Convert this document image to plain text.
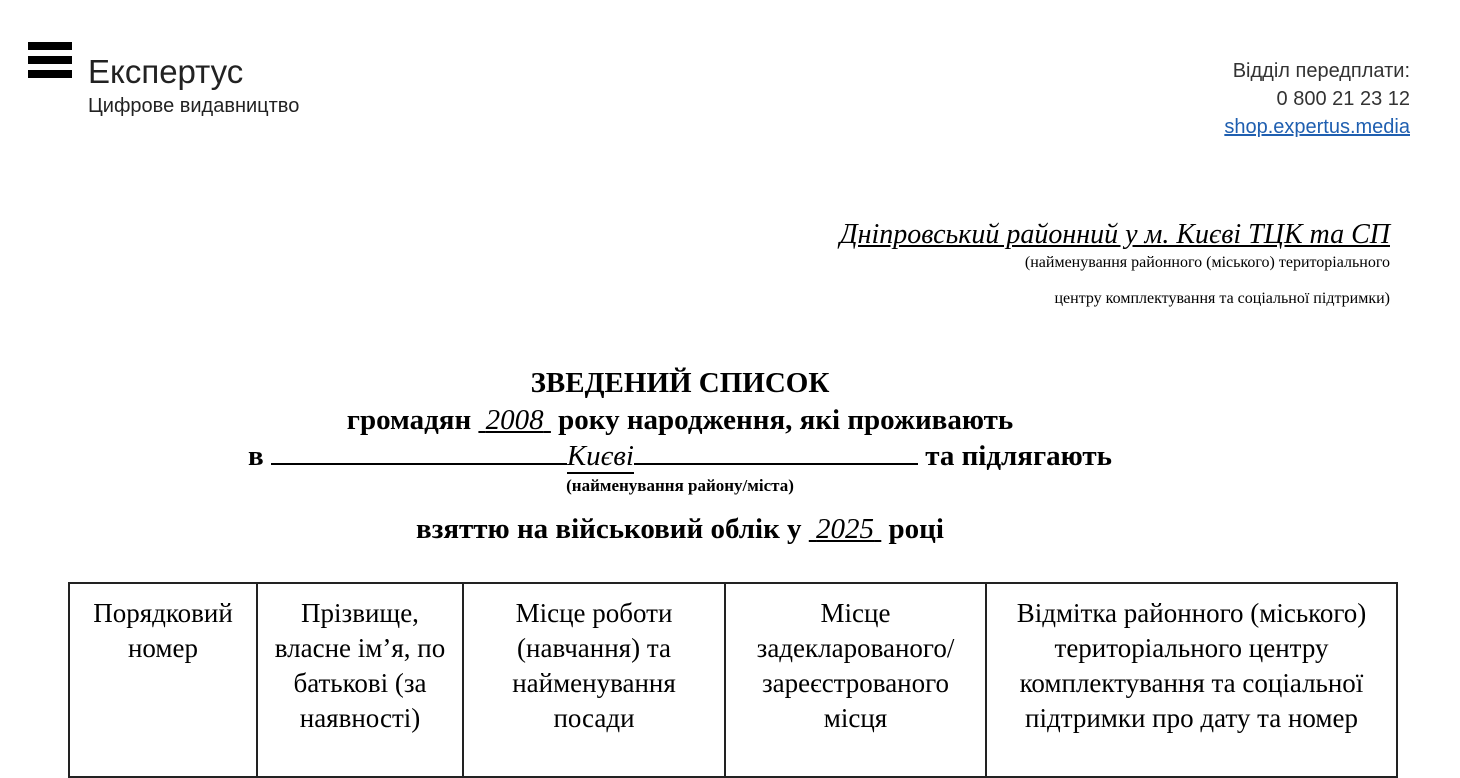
Експертус
Цифрове видавництво
Відділ передплати:
0 800 21 23 12
shop.expertus.media
Дніпровський районний у м. Києві ТЦК та СП
(найменування районного (міського) територіального
центру комплектування та соціальної підтримки)
ЗВЕДЕНИЙ СПИСОК
громадян  2008  року народження, які проживають
в	Києві	та підлягають
(найменування району/міста)
взяттю на військовий облік у  2025  році
Порядковий номер	Прізвище, власне ім’я, по батькові (за наявності)	Місце роботи (навчання) та найменування посади	Місце задекларованого/ зареєстрованого місця	Відмітка районного (міського) територіального центру комплектування та соціальної підтримки про дату та номер
